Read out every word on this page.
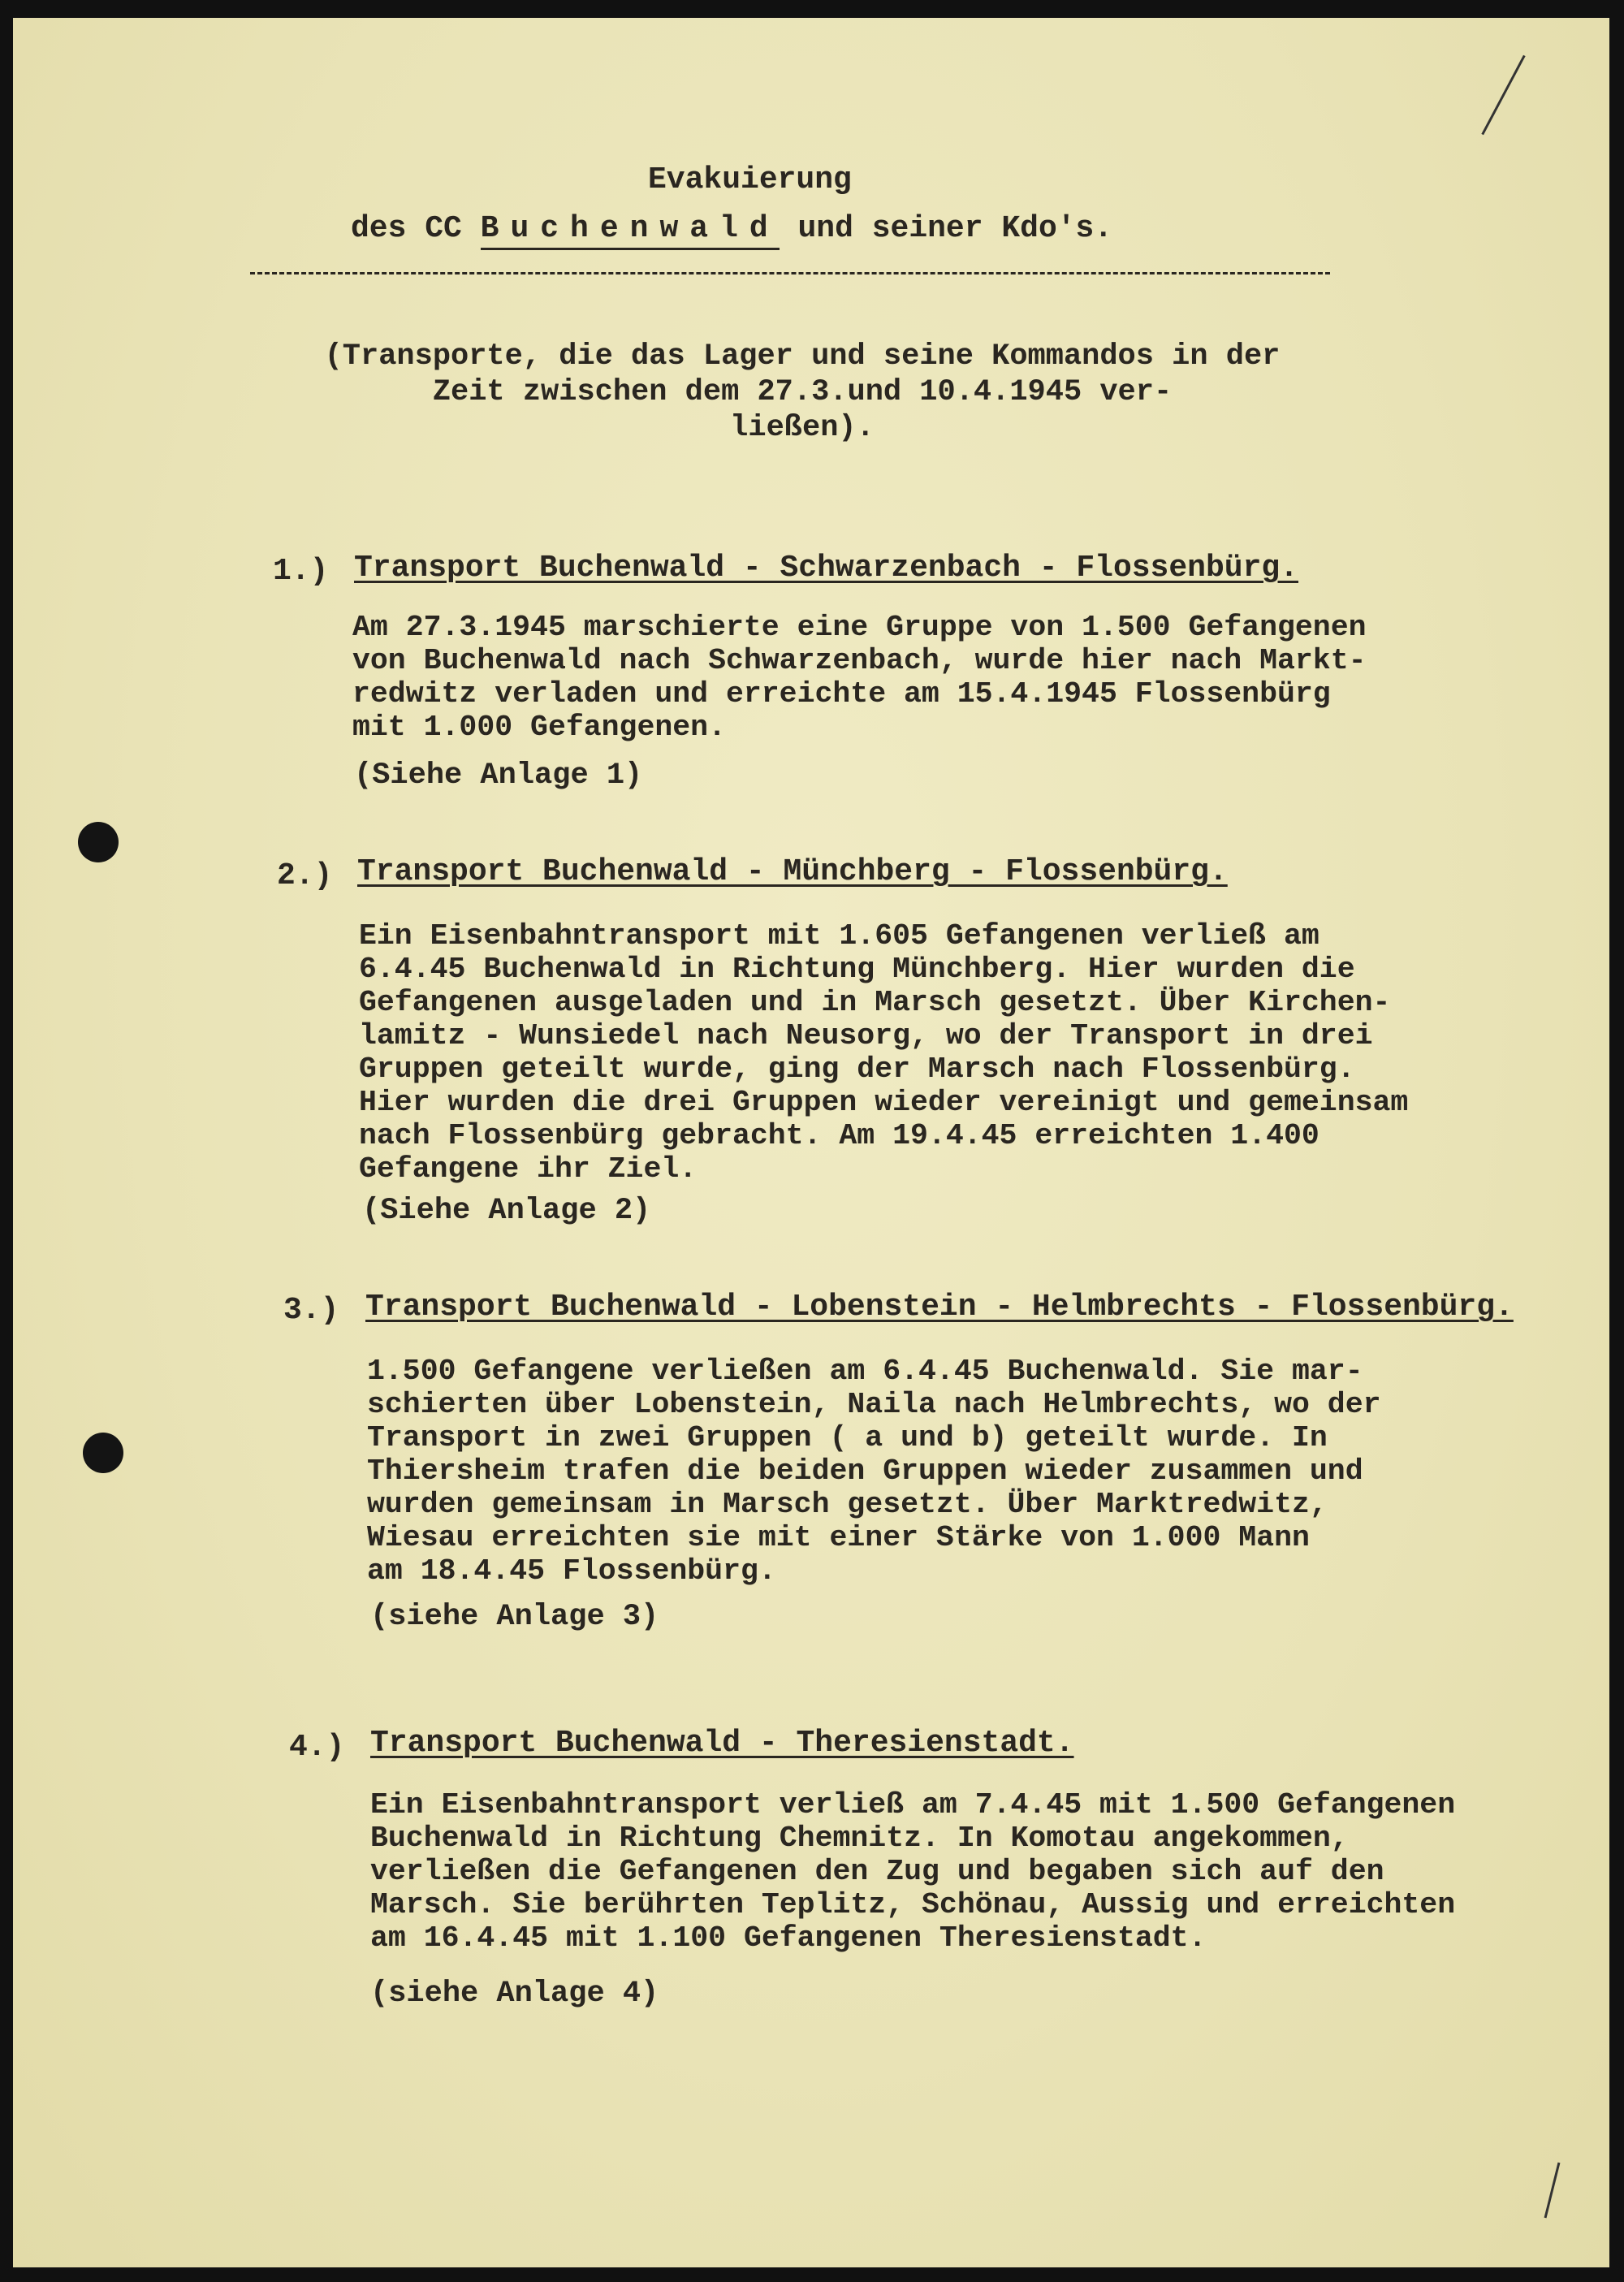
Evakuierung
des CC Buchenwald und seiner Kdo's.
(Transporte, die das Lager und seine Kommandos in der
Zeit zwischen dem 27.3.und 10.4.1945 ver-
ließen).
1.) Transport Buchenwald - Schwarzenbach - Flossenbürg.
Am 27.3.1945 marschierte eine Gruppe von 1.500 Gefangenen
von Buchenwald nach Schwarzenbach, wurde hier nach Markt-
redwitz verladen und erreichte am 15.4.1945 Flossenbürg
mit 1.000 Gefangenen.
(Siehe Anlage 1)
2.) Transport Buchenwald - Münchberg - Flossenbürg.
Ein Eisenbahntransport mit 1.605 Gefangenen verließ am
6.4.45 Buchenwald in Richtung Münchberg. Hier wurden die
Gefangenen ausgeladen und in Marsch gesetzt. Über Kirchen-
lamitz - Wunsiedel nach Neusorg, wo der Transport in drei
Gruppen geteilt wurde, ging der Marsch nach Flossenbürg.
Hier wurden die drei Gruppen wieder vereinigt und gemeinsam
nach Flossenbürg gebracht. Am 19.4.45 erreichten 1.400
Gefangene ihr Ziel.
(Siehe Anlage 2)
3.) Transport Buchenwald - Lobenstein - Helmbrechts - Flossenbürg.
1.500 Gefangene verließen am 6.4.45 Buchenwald. Sie mar-
schierten über Lobenstein, Naila nach Helmbrechts, wo der
Transport in zwei Gruppen ( a und b) geteilt wurde. In
Thiersheim trafen die beiden Gruppen wieder zusammen und
wurden gemeinsam in Marsch gesetzt. Über Marktredwitz,
Wiesau erreichten sie mit einer Stärke von 1.000 Mann
am 18.4.45 Flossenbürg.
(siehe Anlage 3)
4.) Transport Buchenwald - Theresienstadt.
Ein Eisenbahntransport verließ am 7.4.45 mit 1.500 Gefangenen
Buchenwald in Richtung Chemnitz. In Komotau angekommen,
verließen die Gefangenen den Zug und begaben sich auf den
Marsch. Sie berührten Teplitz, Schönau, Aussig und erreichten
am 16.4.45 mit 1.100 Gefangenen Theresienstadt.
(siehe Anlage 4)
